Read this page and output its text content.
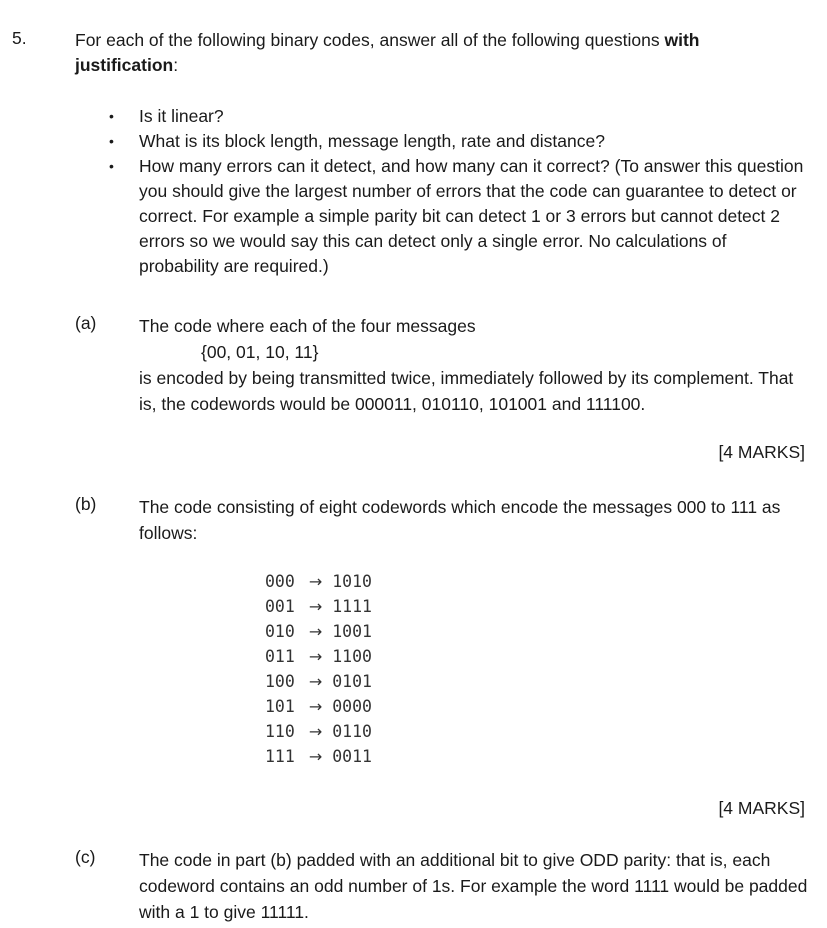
5.	For each of the following binary codes, answer all of the following questions with justification:
•	Is it linear?
•	What is its block length, message length, rate and distance?
•	How many errors can it detect, and how many can it correct? (To answer this question you should give the largest number of errors that the code can guarantee to detect or correct. For example a simple parity bit can detect 1 or 3 errors but cannot detect 2 errors so we would say this can detect only a single error. No calculations of probability are required.)
(a) The code where each of the four messages
{00, 01, 10, 11}
is encoded by being transmitted twice, immediately followed by its complement. That is, the codewords would be 000011, 010110, 101001 and 111100.
[4 MARKS]
(b) The code consisting of eight codewords which encode the messages 000 to 111 as follows:
000 → 1010
001 → 1111
010 → 1001
011 → 1100
100 → 0101
101 → 0000
110 → 0110
111 → 0011
[4 MARKS]
(c) The code in part (b) padded with an additional bit to give ODD parity: that is, each codeword contains an odd number of 1s. For example the word 1111 would be padded with a 1 to give 11111.
